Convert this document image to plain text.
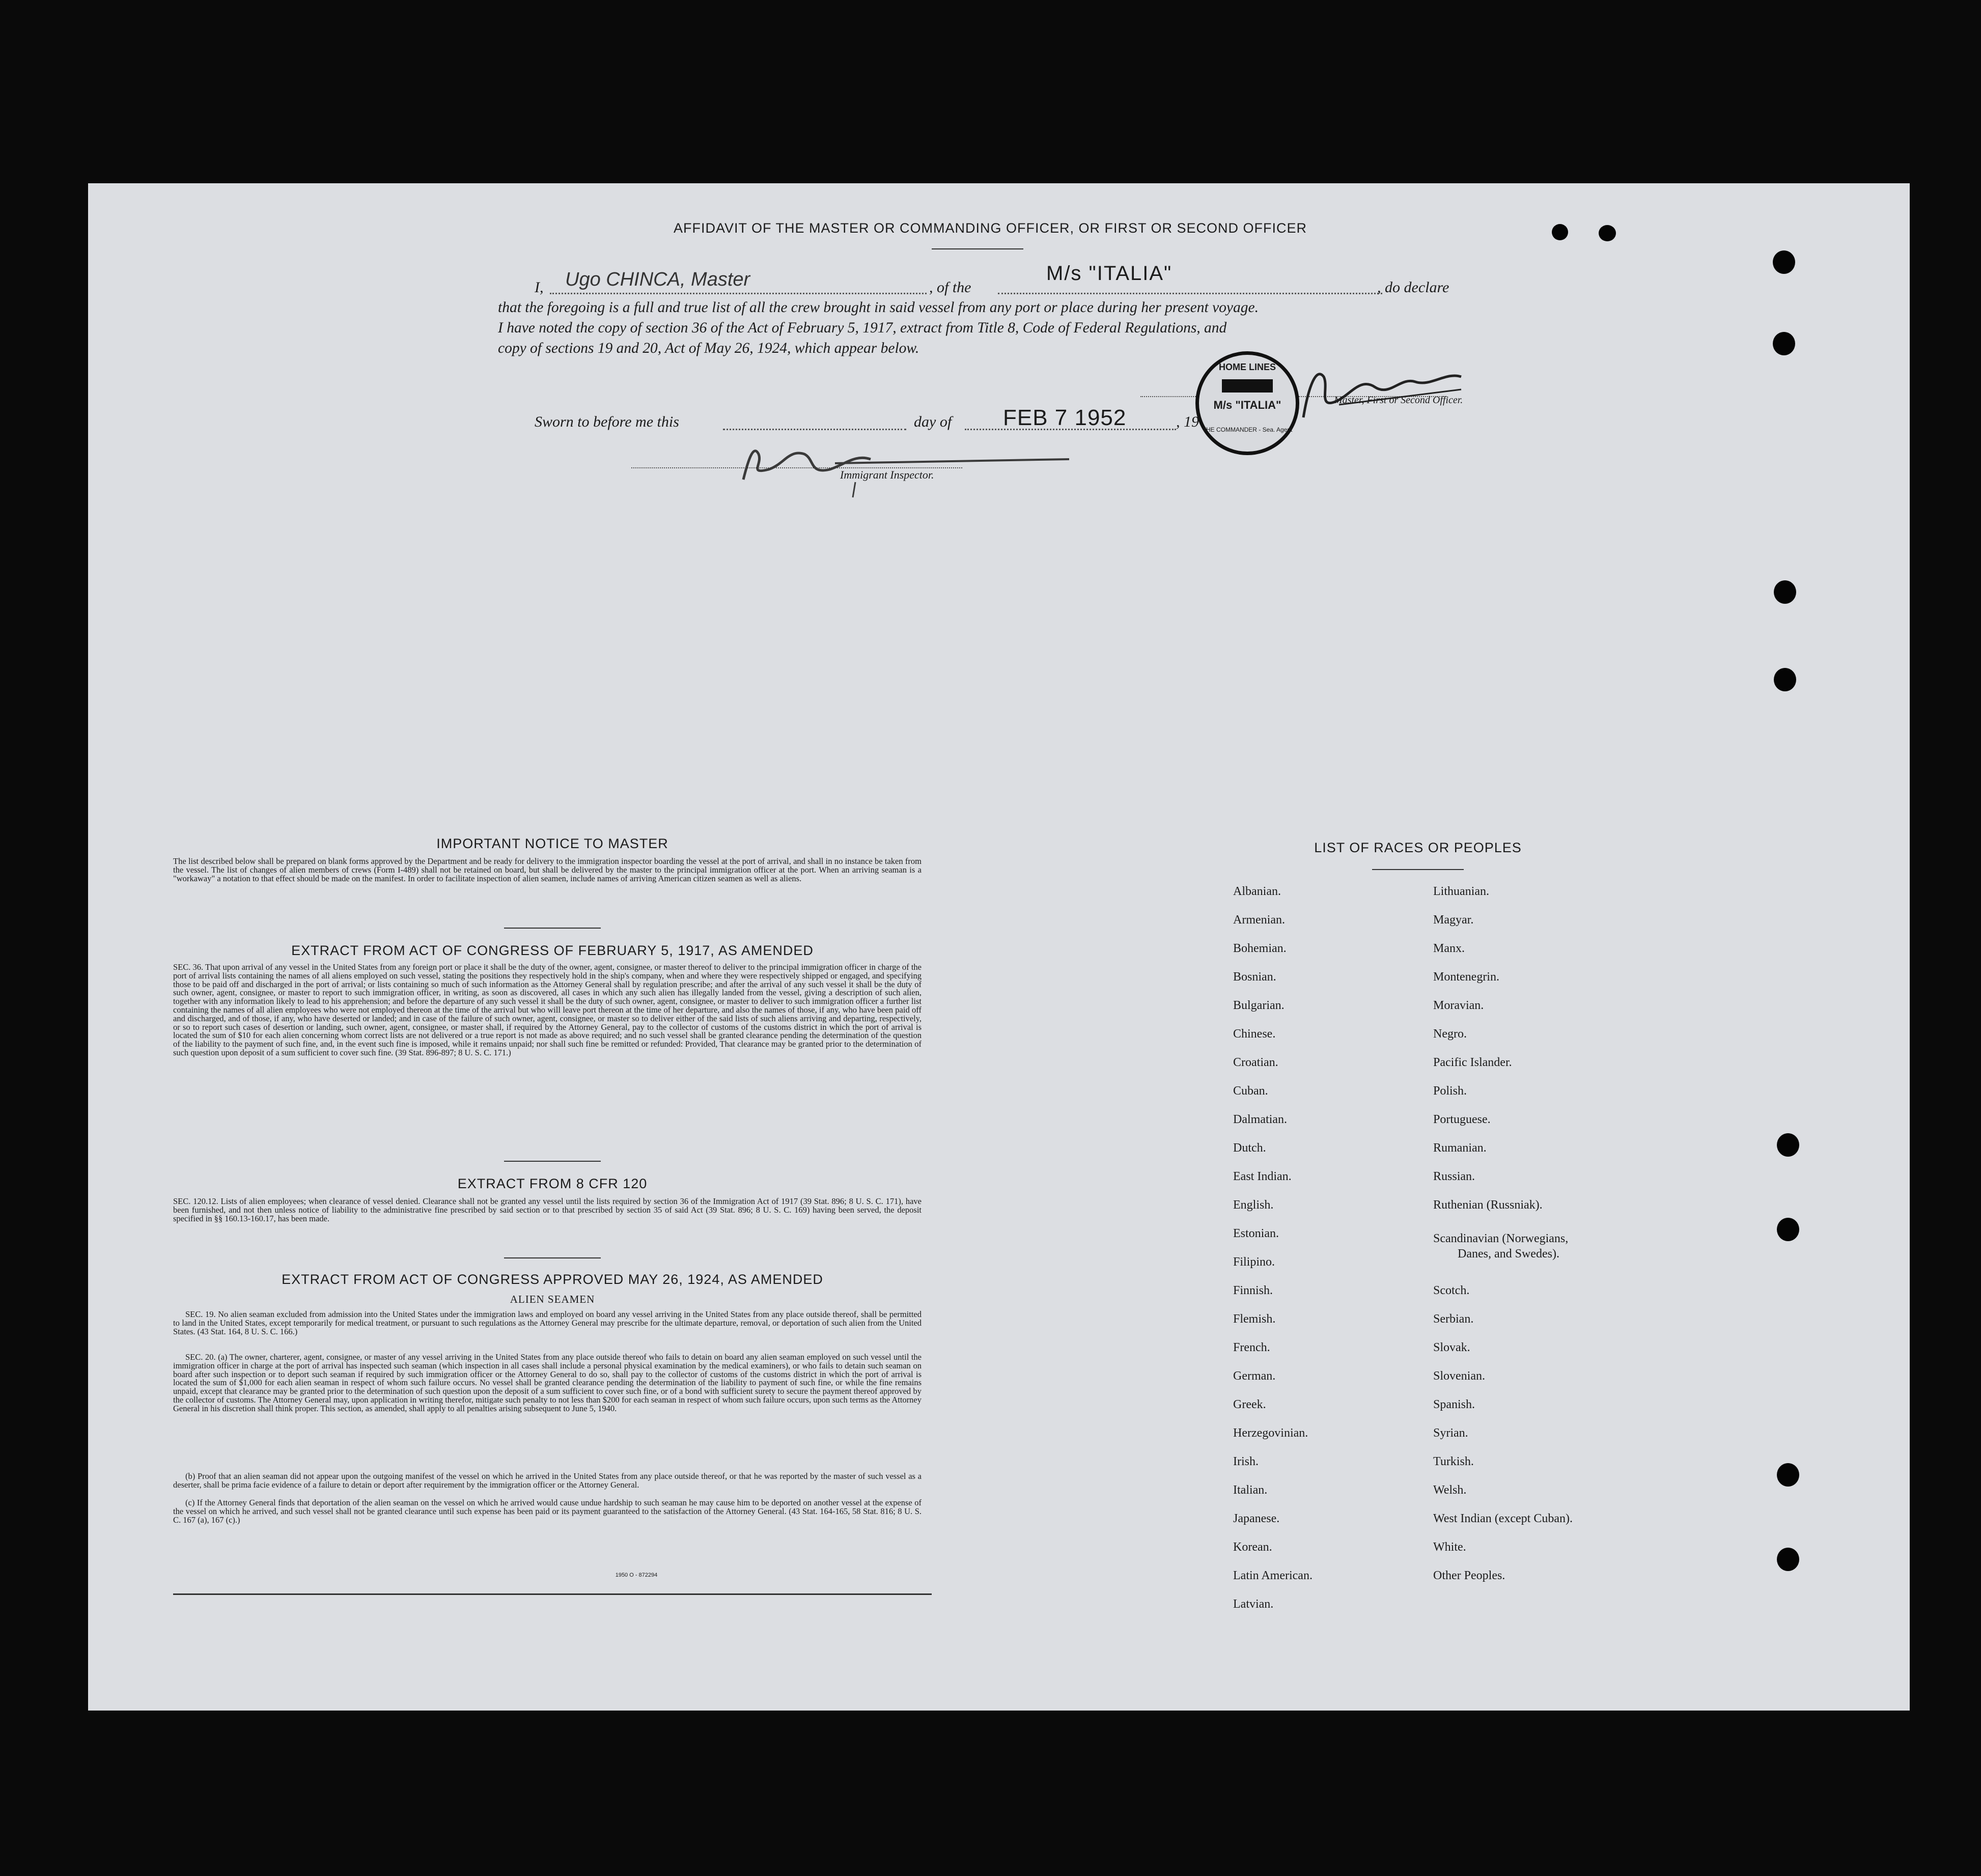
AFFIDAVIT OF THE MASTER OR COMMANDING OFFICER, OR FIRST OR SECOND OFFICER
I, Ugo CHINCA, Master	, of the
M/s "ITALIA"
, do declare
that the foregoing is a full and true list of all the crew brought in said vessel from any port or place during her present voyage.
I have noted the copy of section 36 of the Act of February 5, 1917, extract from Title 8, Code of Federal Regulations, and
copy of sections 19 and 20, Act of May 26, 1924, which appear below.
Master, First or Second Officer.
HOME LINES
M/s "ITALIA"
THE COMMANDER - Sea. Agent
Sworn to before me this	day of FEB 7 1952	, 19
Immigrant Inspector.
IMPORTANT NOTICE TO MASTER
The list described below shall be prepared on blank forms approved by the Department and be ready for delivery to the immigration inspector boarding the vessel at the port of arrival, and shall in no instance be taken from the vessel. The list of changes of alien members of crews (Form I-489) shall not be retained on board, but shall be delivered by the master to the principal immigration officer at the port. When an arriving seaman is a "workaway" a notation to that effect should be made on the manifest. In order to facilitate inspection of alien seamen, include names of arriving American citizen seamen as well as aliens.
EXTRACT FROM ACT OF CONGRESS OF FEBRUARY 5, 1917, AS AMENDED
SEC. 36. That upon arrival of any vessel in the United States from any foreign port or place it shall be the duty of the owner, agent, consignee, or master thereof to deliver to the principal immigration officer in charge of the port of arrival lists containing the names of all aliens employed on such vessel, stating the positions they respectively hold in the ship's company, when and where they were respectively shipped or engaged, and specifying those to be paid off and discharged in the port of arrival; or lists containing so much of such information as the Attorney General shall by regulation prescribe; and after the arrival of any such vessel it shall be the duty of such owner, agent, consignee, or master to report to such immigration officer, in writing, as soon as discovered, all cases in which any such alien has illegally landed from the vessel, giving a description of such alien, together with any information likely to lead to his apprehension; and before the departure of any such vessel it shall be the duty of such owner, agent, consignee, or master to deliver to such immigration officer a further list containing the names of all alien employees who were not employed thereon at the time of the arrival but who will leave port thereon at the time of her departure, and also the names of those, if any, who have been paid off and discharged, and of those, if any, who have deserted or landed; and in case of the failure of such owner, agent, consignee, or master so to deliver either of the said lists of such aliens arriving and departing, respectively, or so to report such cases of desertion or landing, such owner, agent, consignee, or master shall, if required by the Attorney General, pay to the collector of customs of the customs district in which the port of arrival is located the sum of $10 for each alien concerning whom correct lists are not delivered or a true report is not made as above required; and no such vessel shall be granted clearance pending the determination of the question of the liability to the payment of such fine, and, in the event such fine is imposed, while it remains unpaid; nor shall such fine be remitted or refunded: Provided, That clearance may be granted prior to the determination of such question upon deposit of a sum sufficient to cover such fine. (39 Stat. 896-897; 8 U. S. C. 171.)
EXTRACT FROM 8 CFR 120
SEC. 120.12. Lists of alien employees; when clearance of vessel denied. Clearance shall not be granted any vessel until the lists required by section 36 of the Immigration Act of 1917 (39 Stat. 896; 8 U. S. C. 171), have been furnished, and not then unless notice of liability to the administrative fine prescribed by said section or to that prescribed by section 35 of said Act (39 Stat. 896; 8 U. S. C. 169) having been served, the deposit specified in §§ 160.13-160.17, has been made.
EXTRACT FROM ACT OF CONGRESS APPROVED MAY 26, 1924, AS AMENDED
ALIEN SEAMEN
SEC. 19. No alien seaman excluded from admission into the United States under the immigration laws and employed on board any vessel arriving in the United States from any place outside thereof, shall be permitted to land in the United States, except temporarily for medical treatment, or pursuant to such regulations as the Attorney General may prescribe for the ultimate departure, removal, or deportation of such alien from the United States. (43 Stat. 164, 8 U. S. C. 166.)
SEC. 20. (a) The owner, charterer, agent, consignee, or master of any vessel arriving in the United States from any place outside thereof who fails to detain on board any alien seaman employed on such vessel until the immigration officer in charge at the port of arrival has inspected such seaman (which inspection in all cases shall include a personal physical examination by the medical examiners), or who fails to detain such seaman on board after such inspection or to deport such seaman if required by such immigration officer or the Attorney General to do so, shall pay to the collector of customs of the customs district in which the port of arrival is located the sum of $1,000 for each alien seaman in respect of whom such failure occurs. No vessel shall be granted clearance pending the determination of the liability to payment of such fine, or while the fine remains unpaid, except that clearance may be granted prior to the determination of such question upon the deposit of a sum sufficient to cover such fine, or of a bond with sufficient surety to secure the payment thereof approved by the collector of customs. The Attorney General may, upon application in writing therefor, mitigate such penalty to not less than $200 for each seaman in respect of whom such failure occurs, upon such terms as the Attorney General in his discretion shall think proper. This section, as amended, shall apply to all penalties arising subsequent to June 5, 1940.
(b) Proof that an alien seaman did not appear upon the outgoing manifest of the vessel on which he arrived in the United States from any place outside thereof, or that he was reported by the master of such vessel as a deserter, shall be prima facie evidence of a failure to detain or deport after requirement by the immigration officer or the Attorney General.
(c) If the Attorney General finds that deportation of the alien seaman on the vessel on which he arrived would cause undue hardship to such seaman he may cause him to be deported on another vessel at the expense of the vessel on which he arrived, and such vessel shall not be granted clearance until such expense has been paid or its payment guaranteed to the satisfaction of the Attorney General. (43 Stat. 164-165, 58 Stat. 816; 8 U. S. C. 167 (a), 167 (c).)
1950 O - 872294
LIST OF RACES OR PEOPLES
Albanian.
Armenian.
Bohemian.
Bosnian.
Bulgarian.
Chinese.
Croatian.
Cuban.
Dalmatian.
Dutch.
East Indian.
English.
Estonian.
Filipino.
Finnish.
Flemish.
French.
German.
Greek.
Herzegovinian.
Irish.
Italian.
Japanese.
Korean.
Latin American.
Latvian.
Lithuanian.
Magyar.
Manx.
Montenegrin.
Moravian.
Negro.
Pacific Islander.
Polish.
Portuguese.
Rumanian.
Russian.
Ruthenian (Russniak).
Scandinavian (Norwegians,
Danes, and Swedes).
Scotch.
Serbian.
Slovak.
Slovenian.
Spanish.
Syrian.
Turkish.
Welsh.
West Indian (except Cuban).
White.
Other Peoples.
